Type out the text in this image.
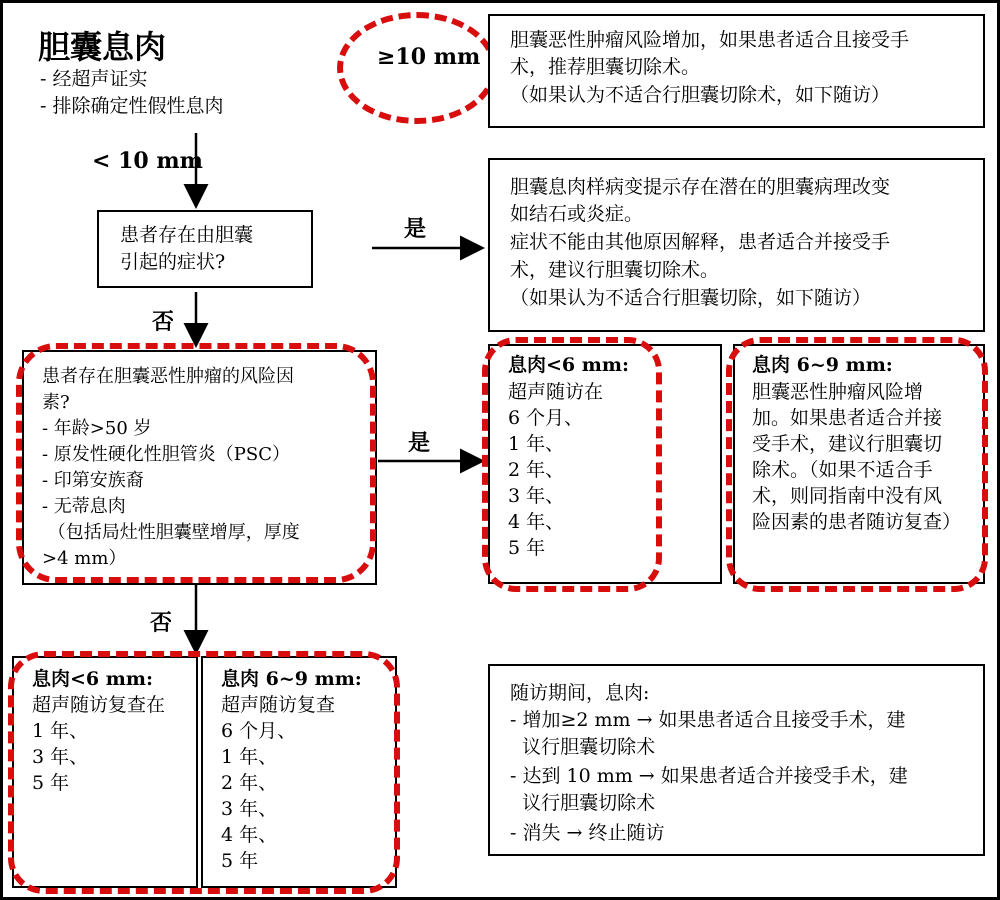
胆囊息肉
- 经超声证实
- 排除确定性假性息肉
≥10 mm
胆囊恶性肿瘤风险增加，如果患者适合且接受手
术，推荐胆囊切除术。
（如果认为不适合行胆囊切除术，如下随访）
< 10 mm
患者存在由胆囊
引起的症状?
是
否
胆囊息肉样病变提示存在潜在的胆囊病理改变
如结石或炎症。
症状不能由其他原因解释，患者适合并接受手
术，建议行胆囊切除术。
（如果认为不适合行胆囊切除，如下随访）
患者存在胆囊恶性肿瘤的风险因
素?
- 年龄>50 岁
- 原发性硬化性胆管炎（PSC）
- 印第安族裔
- 无蒂息肉
（包括局灶性胆囊壁增厚，厚度
>4 mm）
是
否
息肉<6 mm:
超声随访在
6 个月、
1 年、
2 年、
3 年、
4 年、
5 年
息肉 6~9 mm:
胆囊恶性肿瘤风险增
加。如果患者适合并接
受手术，建议行胆囊切
除术。（如果不适合手
术，则同指南中没有风
险因素的患者随访复查）
息肉<6 mm:
超声随访复查在
1 年、
3 年、
5 年
息肉 6~9 mm:
超声随访复查
6 个月、
1 年、
2 年、
3 年、
4 年、
5 年
随访期间，息肉:
- 增加≥2 mm → 如果患者适合且接受手术，建
议行胆囊切除术
- 达到 10 mm → 如果患者适合并接受手术，建
议行胆囊切除术
- 消失 → 终止随访
